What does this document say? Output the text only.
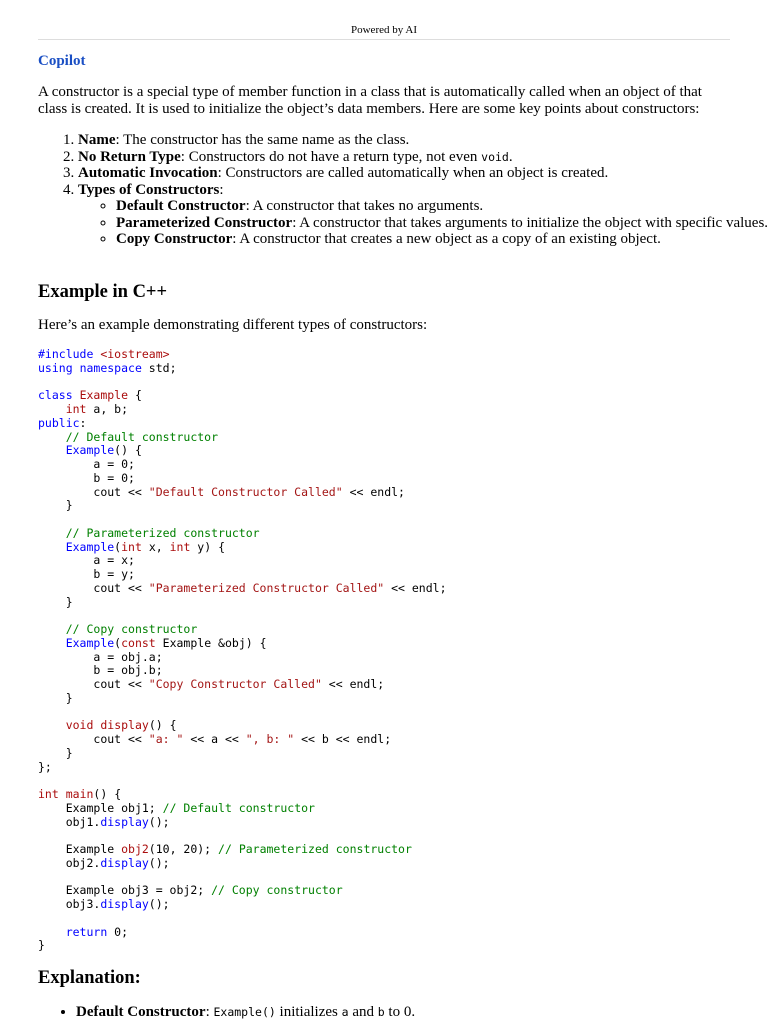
Powered by AI
Copilot

A constructor is a special type of member function in a class that is automatically called when an object of that class is created. It is used to initialize the object’s data members. Here are some key points about constructors:

1. Name: The constructor has the same name as the class.
2. No Return Type: Constructors do not have a return type, not even void.
3. Automatic Invocation: Constructors are called automatically when an object is created.
4. Types of Constructors:
◦ Default Constructor: A constructor that takes no arguments.
◦ Parameterized Constructor: A constructor that takes arguments to initialize the object with specific values.
◦ Copy Constructor: A constructor that creates a new object as a copy of an existing object.
Example in C++

Here’s an example demonstrating different types of constructors:

#include <iostream>
using namespace std;

class Example {
int a, b;
public:
// Default constructor
Example() {
a = 0;
b = 0;
cout << "Default Constructor Called" << endl;
}

// Parameterized constructor
Example(int x, int y) {
a = x;
b = y;
cout << "Parameterized Constructor Called" << endl;
}

// Copy constructor
Example(const Example &obj) {
a = obj.a;
b = obj.b;
cout << "Copy Constructor Called" << endl;
}

void display() {
cout << "a: " << a << ", b: " << b << endl;
}
};

int main() {
Example obj1; // Default constructor
obj1.display();

Example obj2(10, 20); // Parameterized constructor
obj2.display();

Example obj3 = obj2; // Copy constructor
obj3.display();

return 0;
}
Explanation:
• Default Constructor: Example() initializes a and b to 0.
